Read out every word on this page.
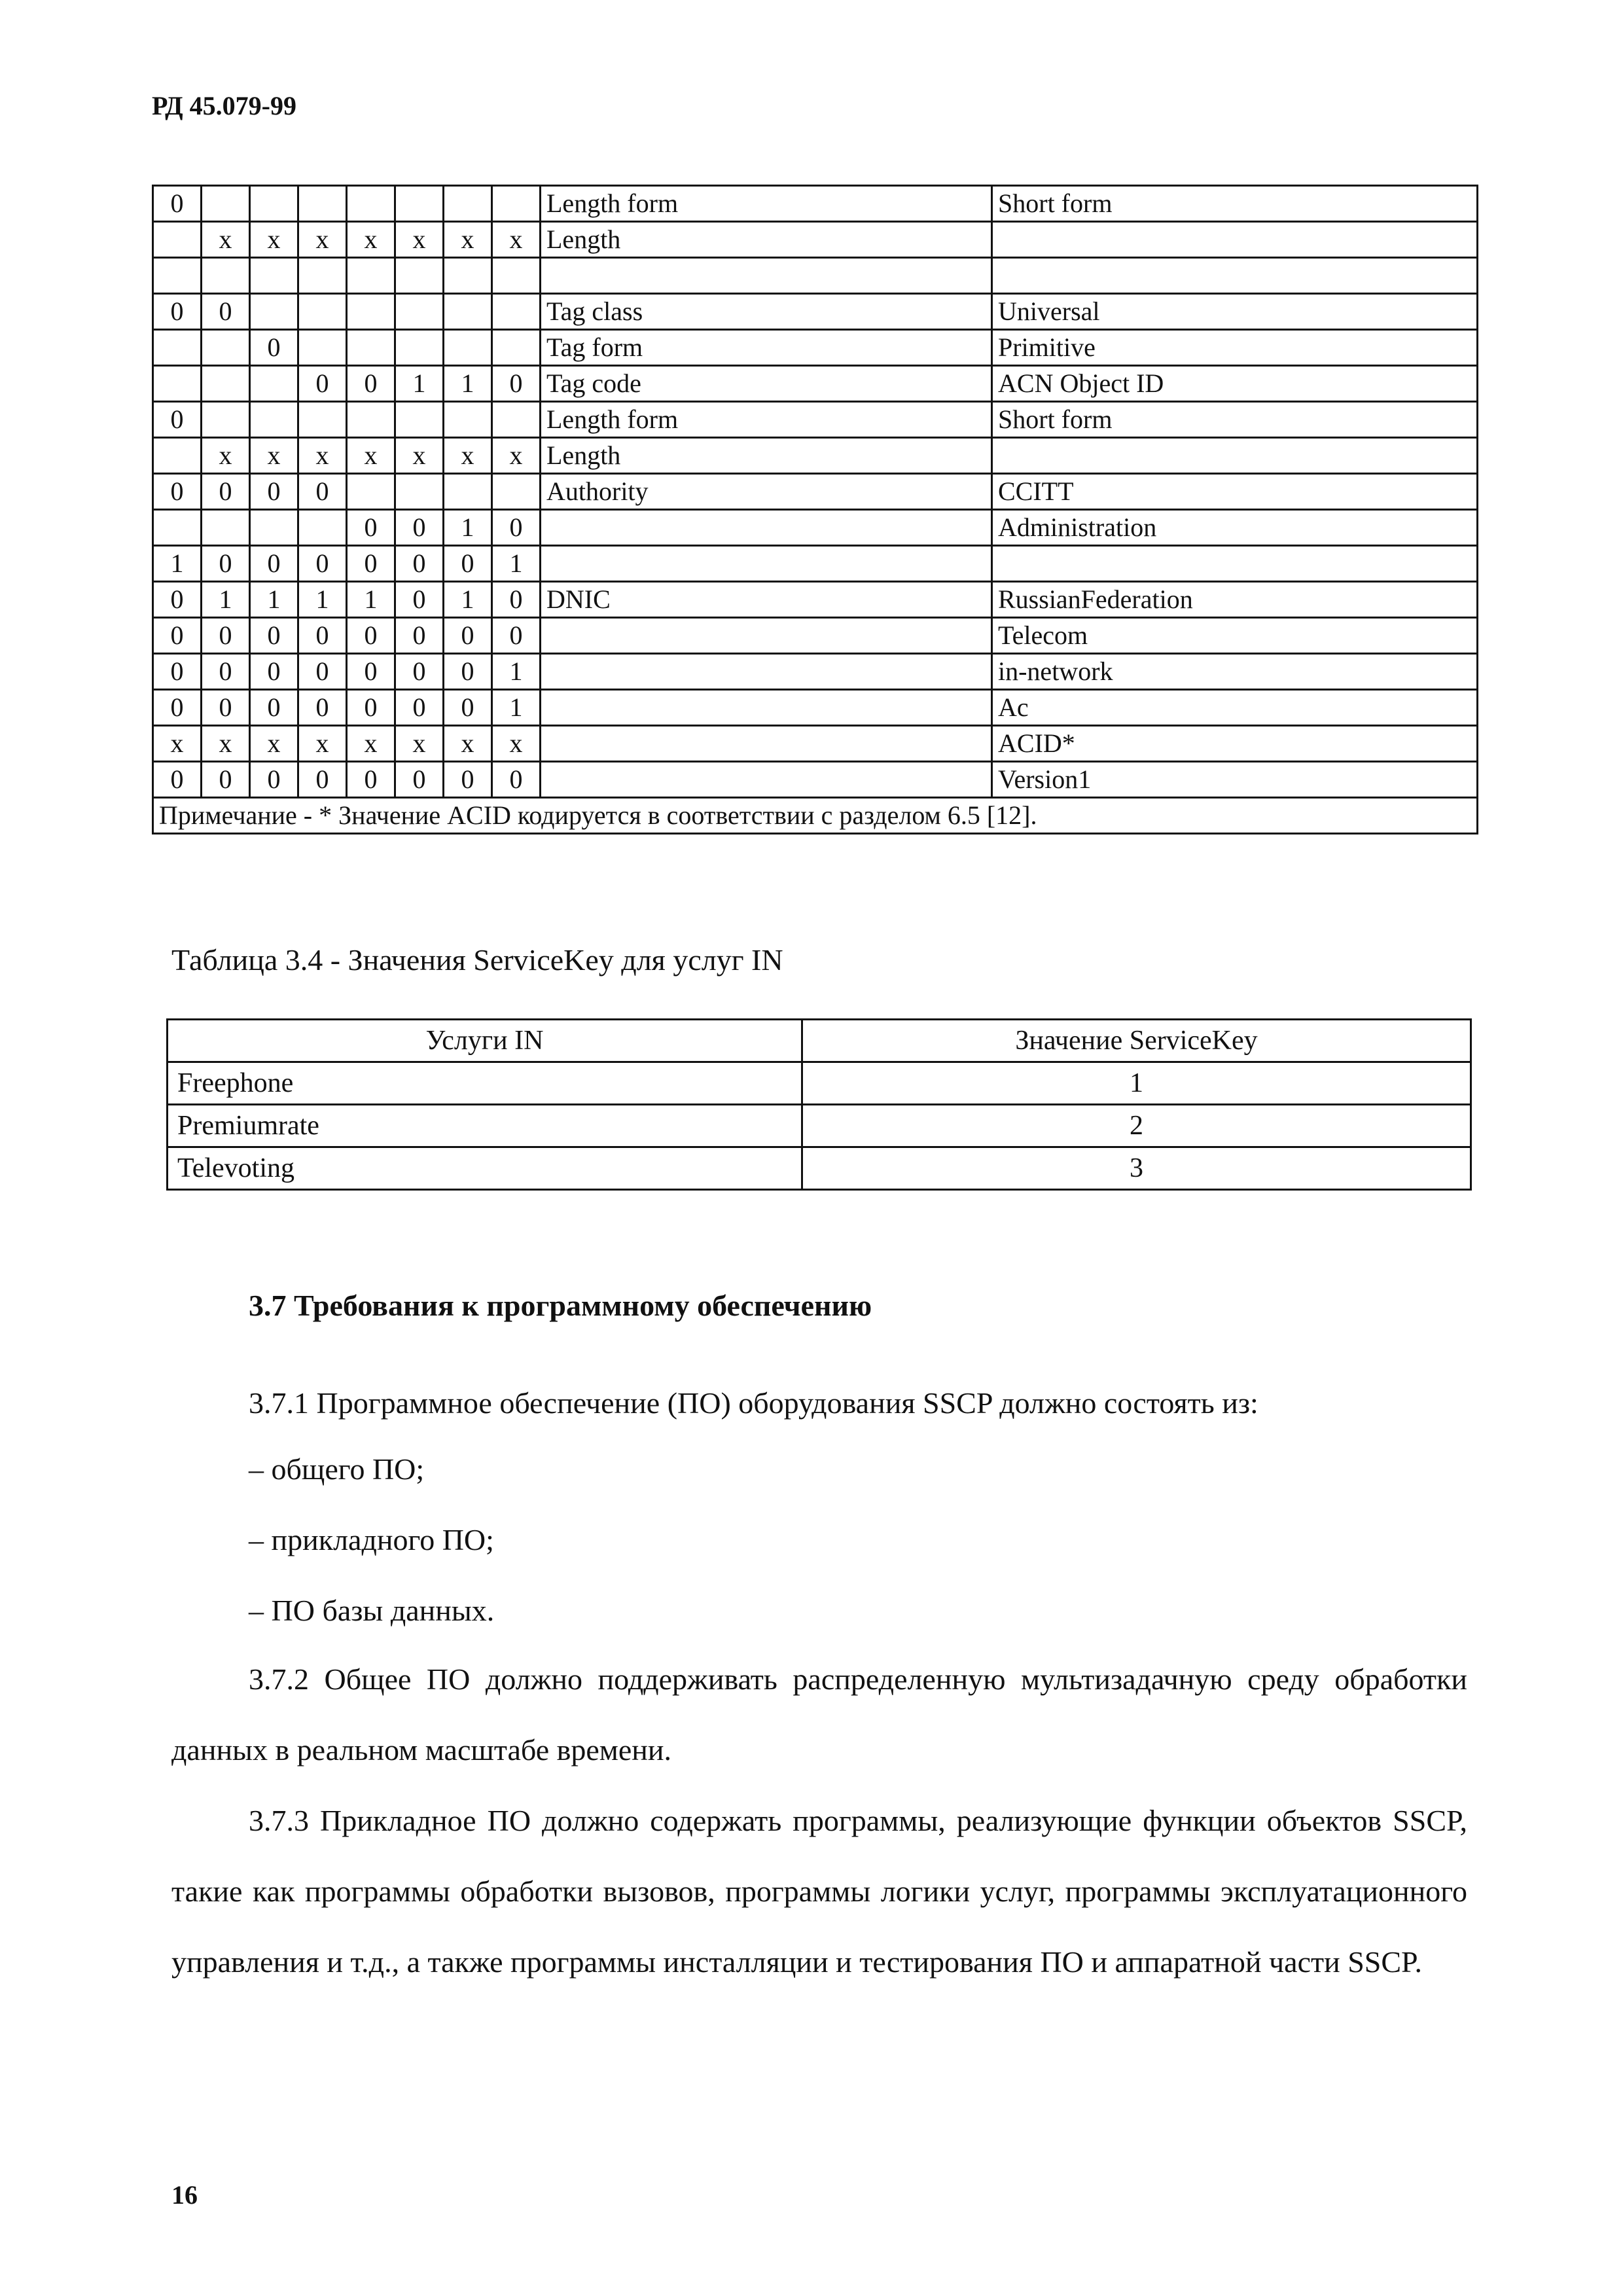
РД 45.079-99
0								Length form	Short form
	x	x	x	x	x	x	x	Length	

0	0							Tag class	Universal
		0						Tag form	Primitive
			0	0	1	1	0	Tag code	ACN Object ID
0								Length form	Short form
	x	x	x	x	x	x	x	Length	
0	0	0	0					Authority	CCITT
				0	0	1	0		Administration
1	0	0	0	0	0	0	1		
0	1	1	1	1	0	1	0	DNIC	RussianFederation
0	0	0	0	0	0	0	0		Telecom
0	0	0	0	0	0	0	1		in-network
0	0	0	0	0	0	0	1		Ac
x	x	x	x	x	x	x	x		ACID*
0	0	0	0	0	0	0	0		Version1
Примечание - * Значение ACID кодируется в соответствии с разделом 6.5 [12].									
Таблица 3.4 - Значения ServiceKey для услуг IN
Услуги IN	Значение ServiceKey
Freephone	1
Premiumrate	2
Televoting	3
3.7 Требования к программному обеспечению
3.7.1 Программное обеспечение (ПО) оборудования SSCP должно состоять из:
– общего ПО;
– прикладного ПО;
– ПО базы данных.
3.7.2 Общее ПО должно поддерживать распределенную мультизадачную среду обработки данных в реальном масштабе времени.
3.7.3 Прикладное ПО должно содержать программы, реализующие функции объектов SSCP, такие как программы обработки вызовов, программы логики услуг, программы эксплуатационного управления и т.д., а также программы инсталляции и тестирования ПО и аппаратной части SSCP.
16
